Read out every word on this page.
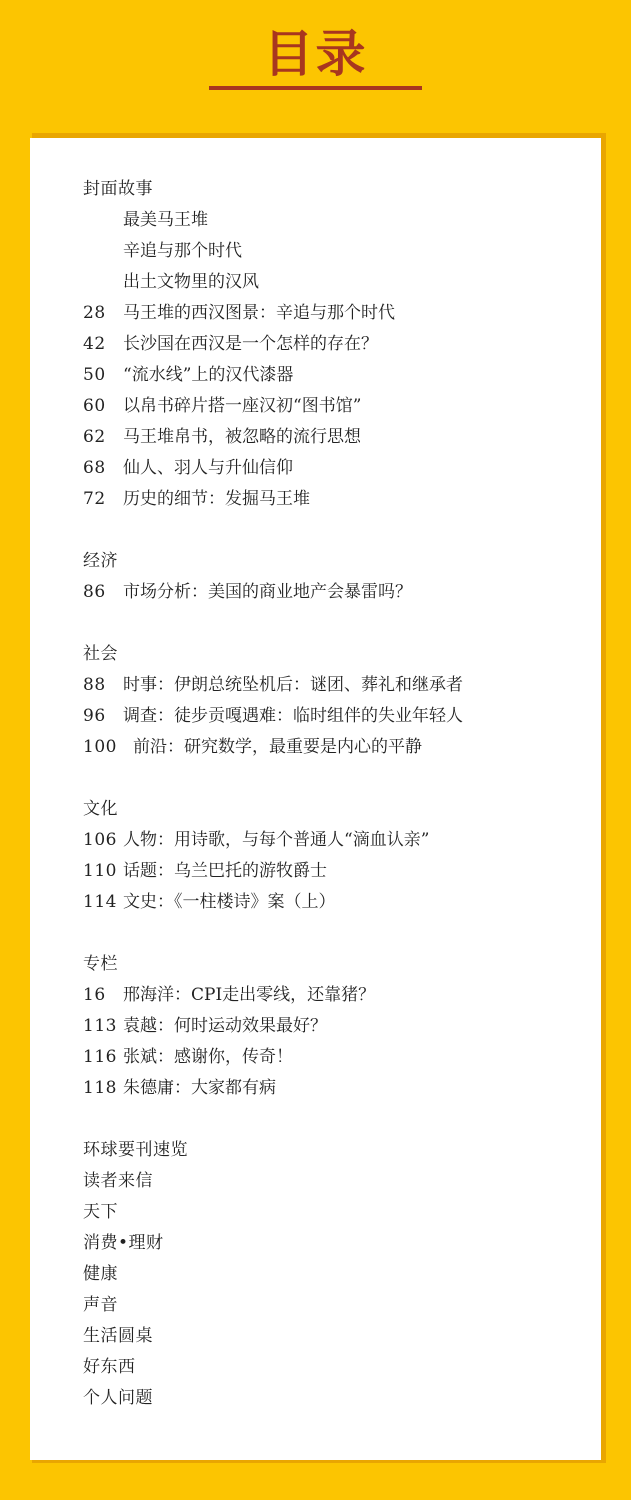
目录
封面故事
最美马王堆
辛追与那个时代
出土文物里的汉风
28	马王堆的西汉图景：辛追与那个时代
42	长沙国在西汉是一个怎样的存在？
50	“流水线”上的汉代漆器
60	以帛书碎片搭一座汉初“图书馆”
62	马王堆帛书，被忽略的流行思想
68	仙人、羽人与升仙信仰
72	历史的细节：发掘马王堆
经济
86	市场分析：美国的商业地产会暴雷吗？
社会
88	时事：伊朗总统坠机后：谜团、葬礼和继承者
96	调查：徒步贡嘎遇难：临时组伴的失业年轻人
100 前沿：研究数学，最重要是内心的平静
文化
106 人物：用诗歌，与每个普通人“滴血认亲”
110 话题：乌兰巴托的游牧爵士
114 文史：《一柱楼诗》案（上）
专栏
16	邢海洋：CPI走出零线，还靠猪？
113 袁越：何时运动效果最好？
116 张斌：感谢你，传奇！
118 朱德庸：大家都有病
环球要刊速览
读者来信
天下
消费•理财
健康
声音
生活圆桌
好东西
个人问题
